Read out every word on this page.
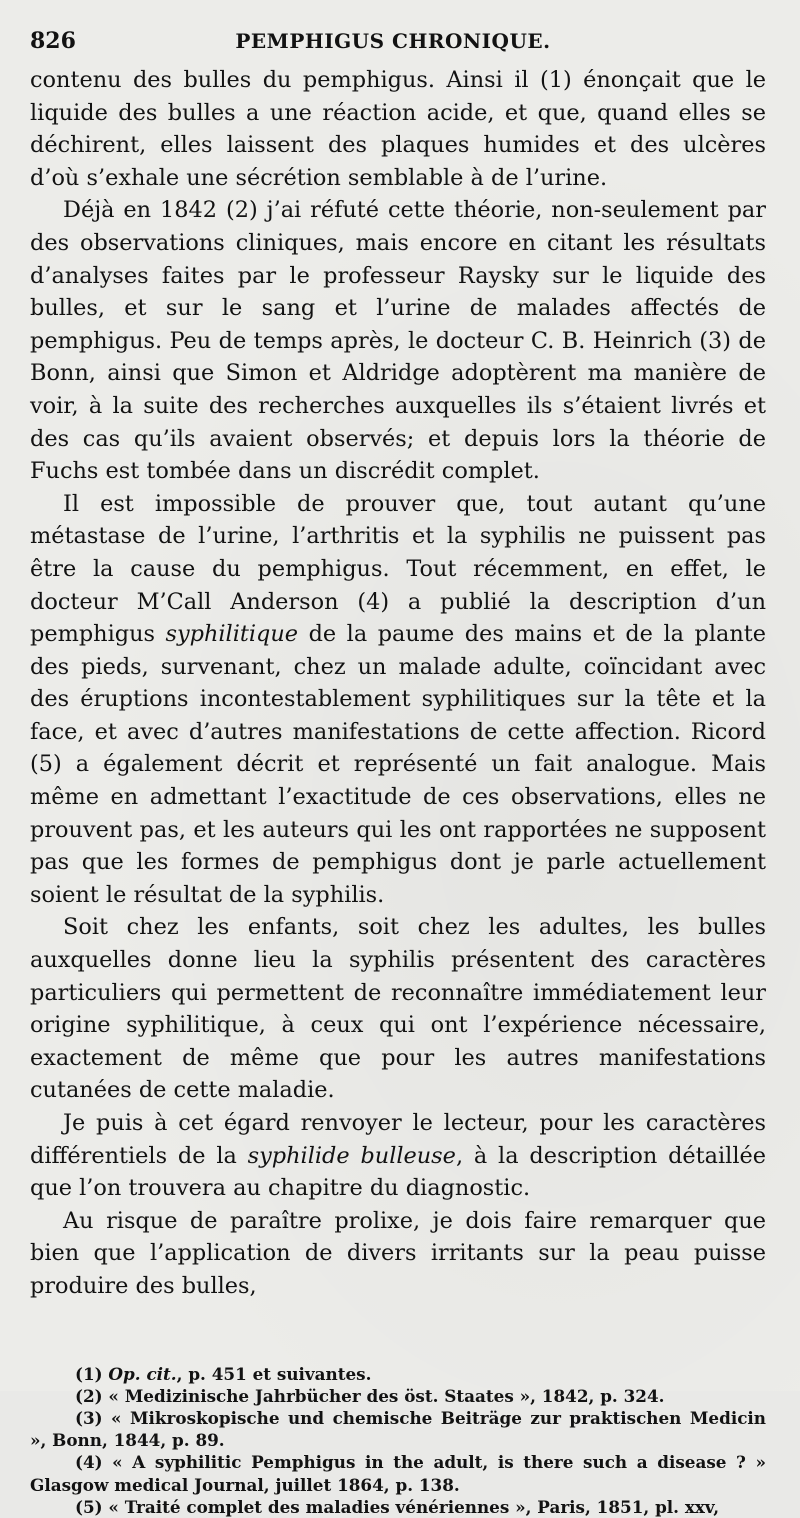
826	PEMPHIGUS CHRONIQUE.

contenu des bulles du pemphigus. Ainsi il (1) énonçait que le liquide des bulles a une réaction acide, et que, quand elles se déchirent, elles laissent des plaques humides et des ulcères d’où s’exhale une sécrétion semblable à de l’urine.

Déjà en 1842 (2) j’ai réfuté cette théorie, non-seulement par des observations cliniques, mais encore en citant les résultats d’analyses faites par le professeur Raysky sur le liquide des bulles, et sur le sang et l’urine de malades affectés de pemphigus. Peu de temps après, le docteur C. B. Heinrich (3) de Bonn, ainsi que Simon et Aldridge adoptèrent ma manière de voir, à la suite des recherches auxquelles ils s’étaient livrés et des cas qu’ils avaient observés; et depuis lors la théorie de Fuchs est tombée dans un discrédit complet.

Il est impossible de prouver que, tout autant qu’une métastase de l’urine, l’arthritis et la syphilis ne puissent pas être la cause du pemphigus. Tout récemment, en effet, le docteur M’Call Anderson (4) a publié la description d’un pemphigus syphilitique de la paume des mains et de la plante des pieds, survenant, chez un malade adulte, coïncidant avec des éruptions incontestablement syphilitiques sur la tête et la face, et avec d’autres manifestations de cette affection. Ricord (5) a également décrit et représenté un fait analogue. Mais même en admettant l’exactitude de ces observations, elles ne prouvent pas, et les auteurs qui les ont rapportées ne supposent pas que les formes de pemphigus dont je parle actuellement soient le résultat de la syphilis.

Soit chez les enfants, soit chez les adultes, les bulles auxquelles donne lieu la syphilis présentent des caractères particuliers qui permettent de reconnaître immédiatement leur origine syphilitique, à ceux qui ont l’expérience nécessaire, exactement de même que pour les autres manifestations cutanées de cette maladie.

Je puis à cet égard renvoyer le lecteur, pour les caractères différentiels de la syphilide bulleuse, à la description détaillée que l’on trouvera au chapitre du diagnostic.

Au risque de paraître prolixe, je dois faire remarquer que bien que l’application de divers irritants sur la peau puisse produire des bulles,

(1) Op. cit., p. 451 et suivantes.

(2) « Medizinische Jahrbücher des öst. Staates », 1842, p. 324.

(3) « Mikroskopische und chemische Beiträge zur praktischen Medicin », Bonn, 1844, p. 89.

(4) « A syphilitic Pemphigus in the adult, is there such a disease ? » Glasgow medical Journal, juillet 1864, p. 138.

(5) « Traité complet des maladies vénériennes », Paris, 1851, pl. xxv,
